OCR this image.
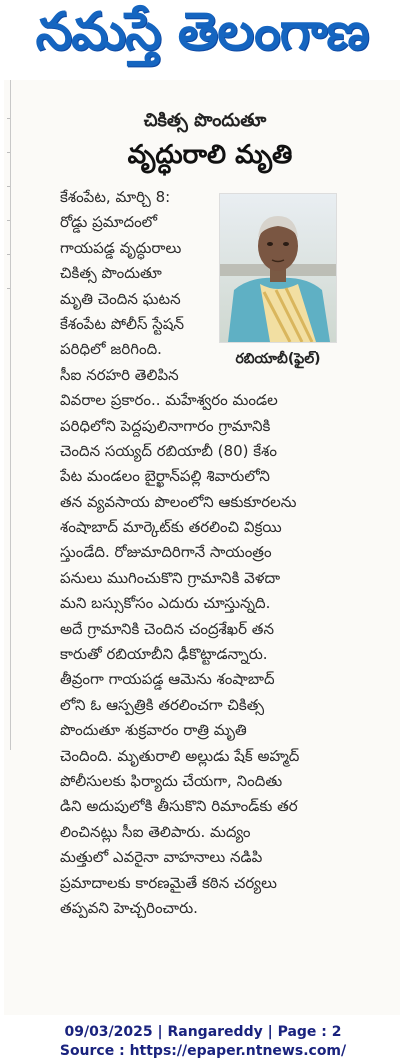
నమస్తే తెలంగాణ
చికిత్స పొందుతూ
వృద్ధురాలి మృతి
రబియాబీ(ఫైల్)
కేశంపేట, మార్చి 8:
రోడ్డు ప్రమాదంలో
గాయపడ్డ వృద్ధురాలు
చికిత్స పొందుతూ
మృతి చెందిన ఘటన
కేశంపేట పోలీస్ స్టేషన్
పరిధిలో జరిగింది.
సీఐ నరహరి తెలిపిన
వివరాల ప్రకారం.. మహేశ్వరం మండల
పరిధిలోని పెద్దపులినాగారం గ్రామానికి
చెందిన సయ్యద్ రబియాబీ (80) కేశం
పేట మండలం బైర్ఖాన్‌పల్లి శివారులోని
తన వ్యవసాయ పొలంలోని ఆకుకూరలను
శంషాబాద్ మార్కెట్‌కు తరలించి విక్రయి
స్తుండేది. రోజుమాదిరిగానే సాయంత్రం
పనులు ముగించుకొని గ్రామానికి వెళదా
మని బస్సుకోసం ఎదురు చూస్తున్నది.
అదే గ్రామానికి చెందిన చంద్రశేఖర్ తన
కారుతో రబియాబీని ఢీకొట్టాడన్నారు.
తీవ్రంగా గాయపడ్డ ఆమెను శంషాబాద్
లోని ఓ ఆస్పత్రికి తరలించగా చికిత్స
పొందుతూ శుక్రవారం రాత్రి మృతి
చెందింది. మృతురాలి అల్లుడు షేక్ అహ్మద్
పోలీసులకు ఫిర్యాదు చేయగా, నిందితు
డిని అదుపులోకి తీసుకొని రిమాండ్‌కు తర
లించినట్లు సీఐ తెలిపారు. మద్యం
మత్తులో ఎవరైనా వాహనాలు నడిపి
ప్రమాదాలకు కారణమైతే కఠిన చర్యలు
తప్పవని హెచ్చరించారు.
09/03/2025 | Rangareddy | Page : 2
Source : https://epaper.ntnews.com/
